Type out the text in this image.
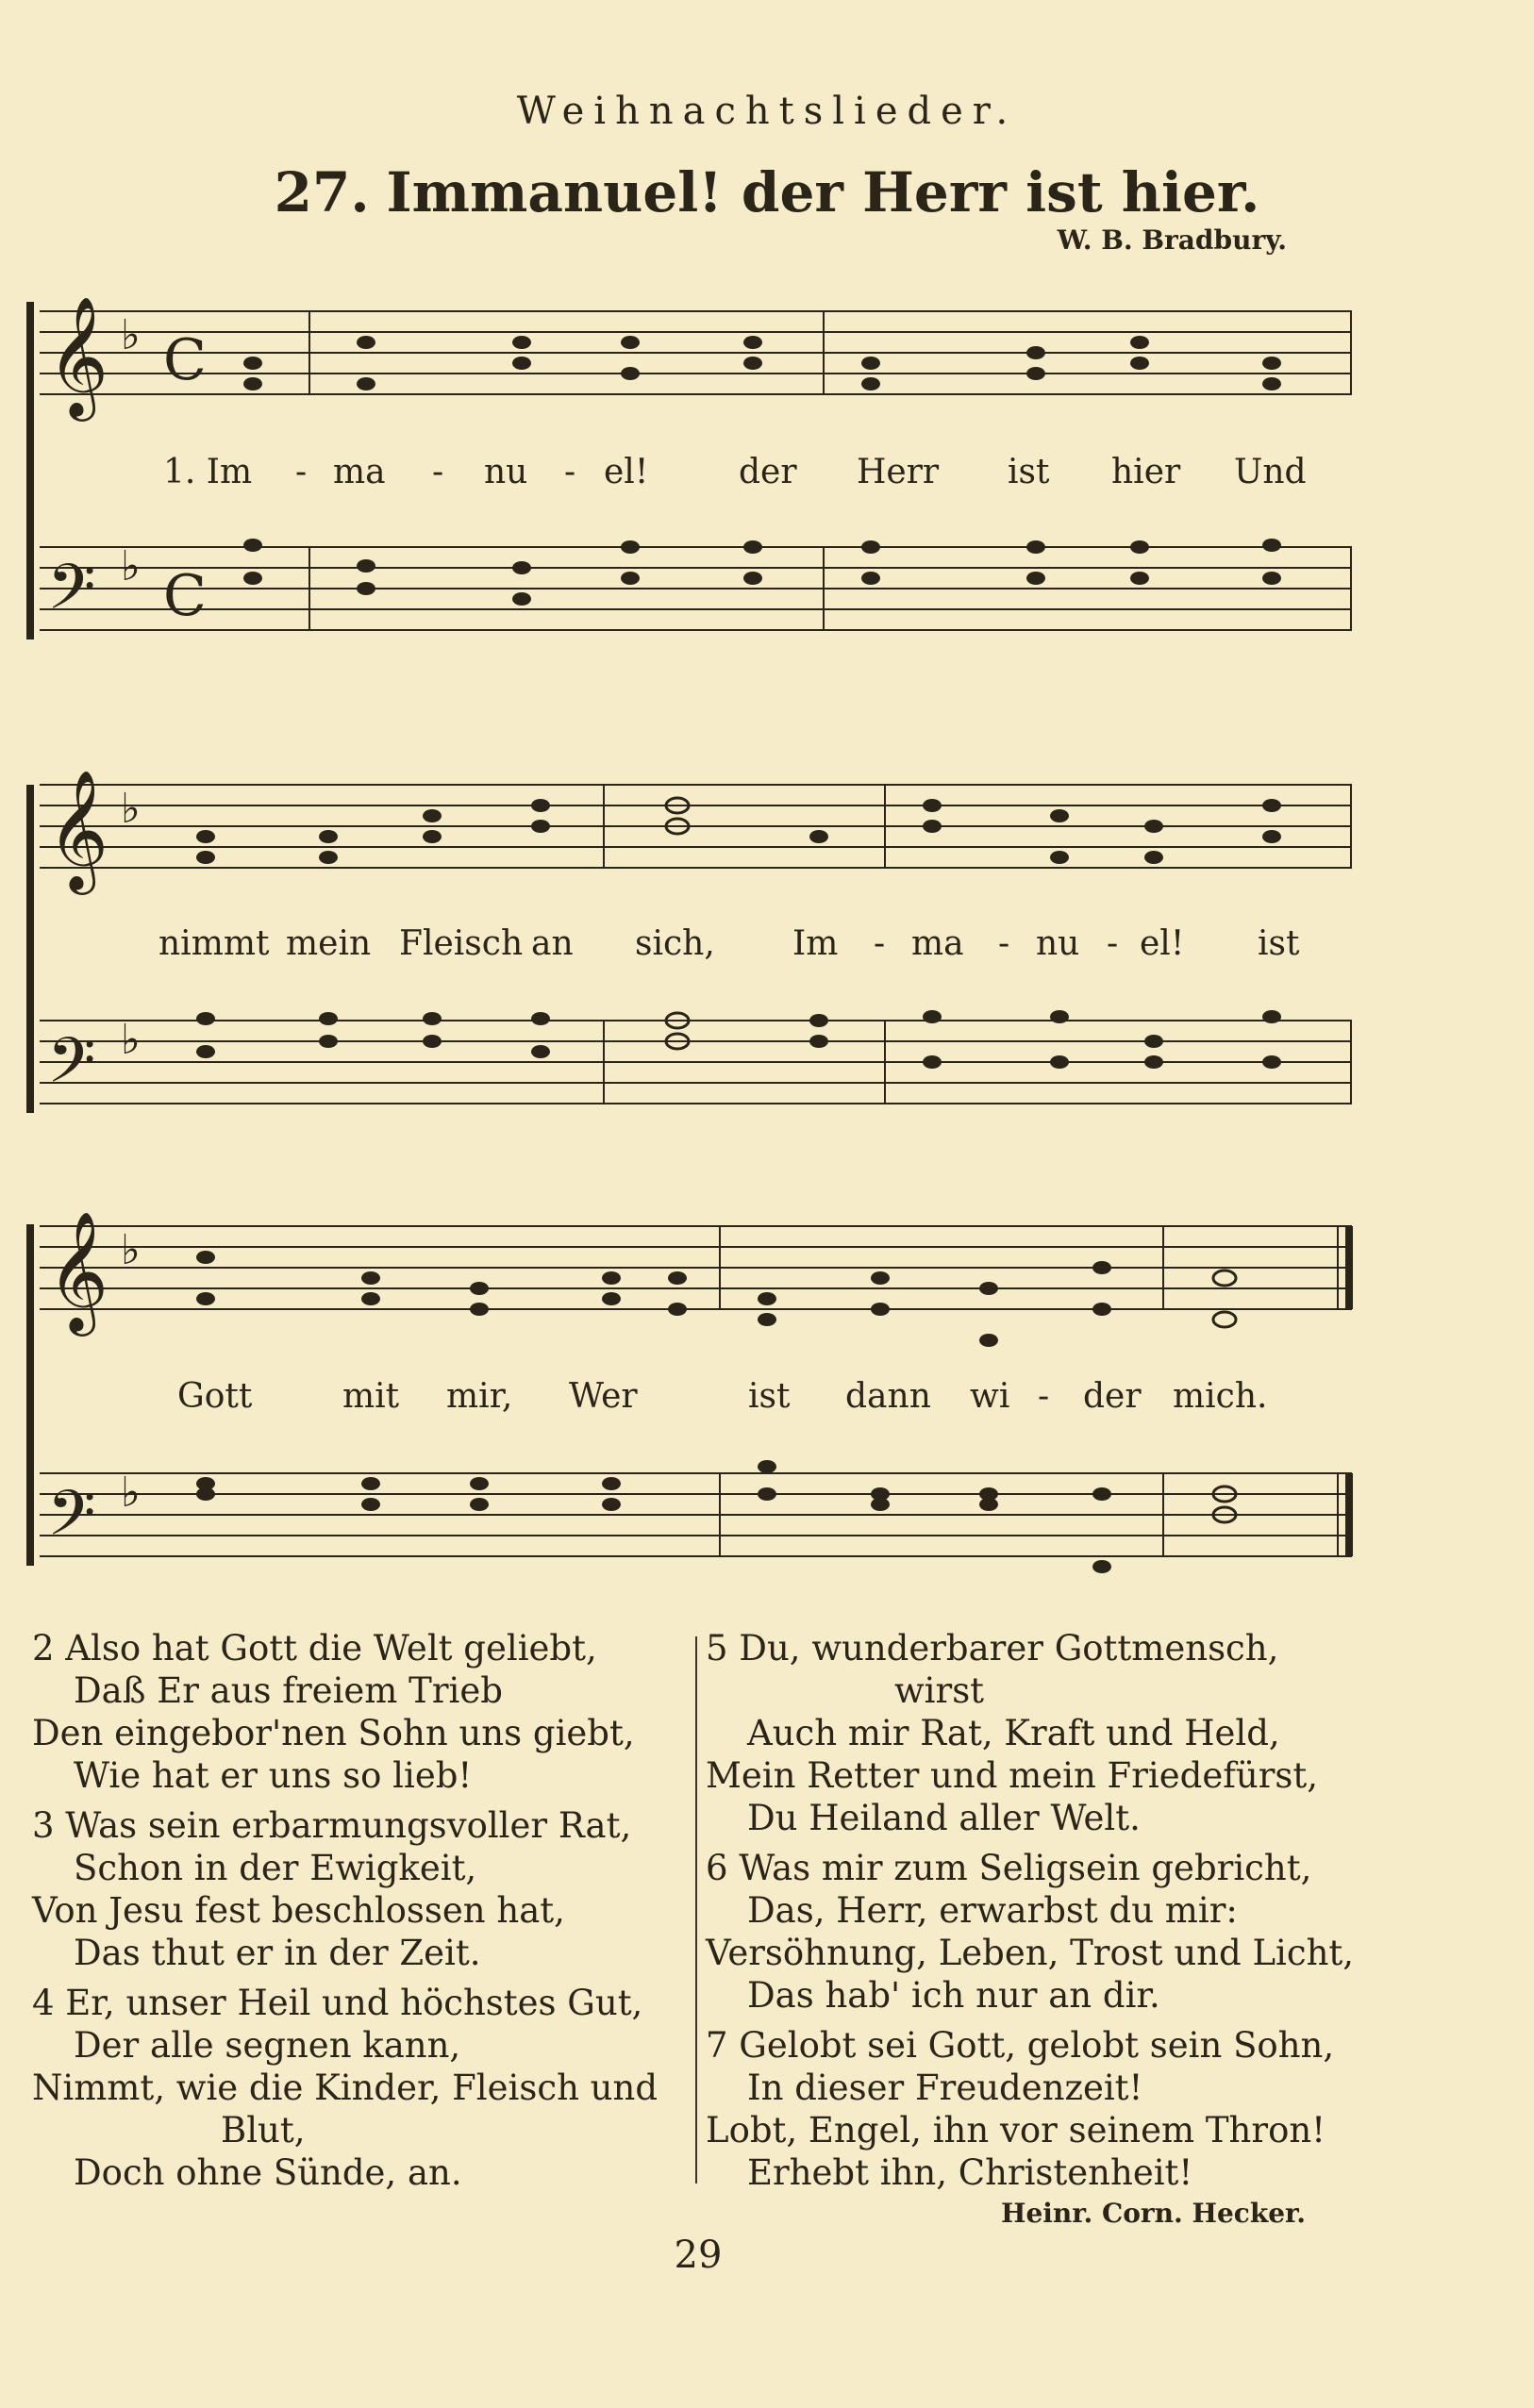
Weihnachtslieder.
27. Immanuel! der Herr ist hier.
W. B. Bradbury.
𝄞
𝄢
♭
♭
C
C
1. Im - ma - nu - el!	der Herr ist hier Und
𝄞
𝄢
♭
♭
nimmt mein Fleisch an sich, Im - ma - nu - el! ist
𝄞
𝄢
♭
♭
Gott	mit mir, Wer	ist dann wi - der mich.
2 Also hat Gott die Welt geliebt,
Daß Er aus freiem Trieb
Den eingebor'nen Sohn uns giebt,
Wie hat er uns so lieb!
3 Was sein erbarmungsvoller Rat,
Schon in der Ewigkeit,
Von Jesu fest beschlossen hat,
Das thut er in der Zeit.
4 Er, unser Heil und höchstes Gut,
Der alle segnen kann,
Nimmt, wie die Kinder, Fleisch und
Blut,
Doch ohne Sünde, an.
5 Du, wunderbarer Gottmensch,
wirst
Auch mir Rat, Kraft und Held,
Mein Retter und mein Friedefürst,
Du Heiland aller Welt.
6 Was mir zum Seligsein gebricht,
Das, Herr, erwarbst du mir:
Versöhnung, Leben, Trost und Licht,
Das hab' ich nur an dir.
7 Gelobt sei Gott, gelobt sein Sohn,
In dieser Freudenzeit!
Lobt, Engel, ihn vor seinem Thron!
Erhebt ihn, Christenheit!
Heinr. Corn. Hecker.
29
